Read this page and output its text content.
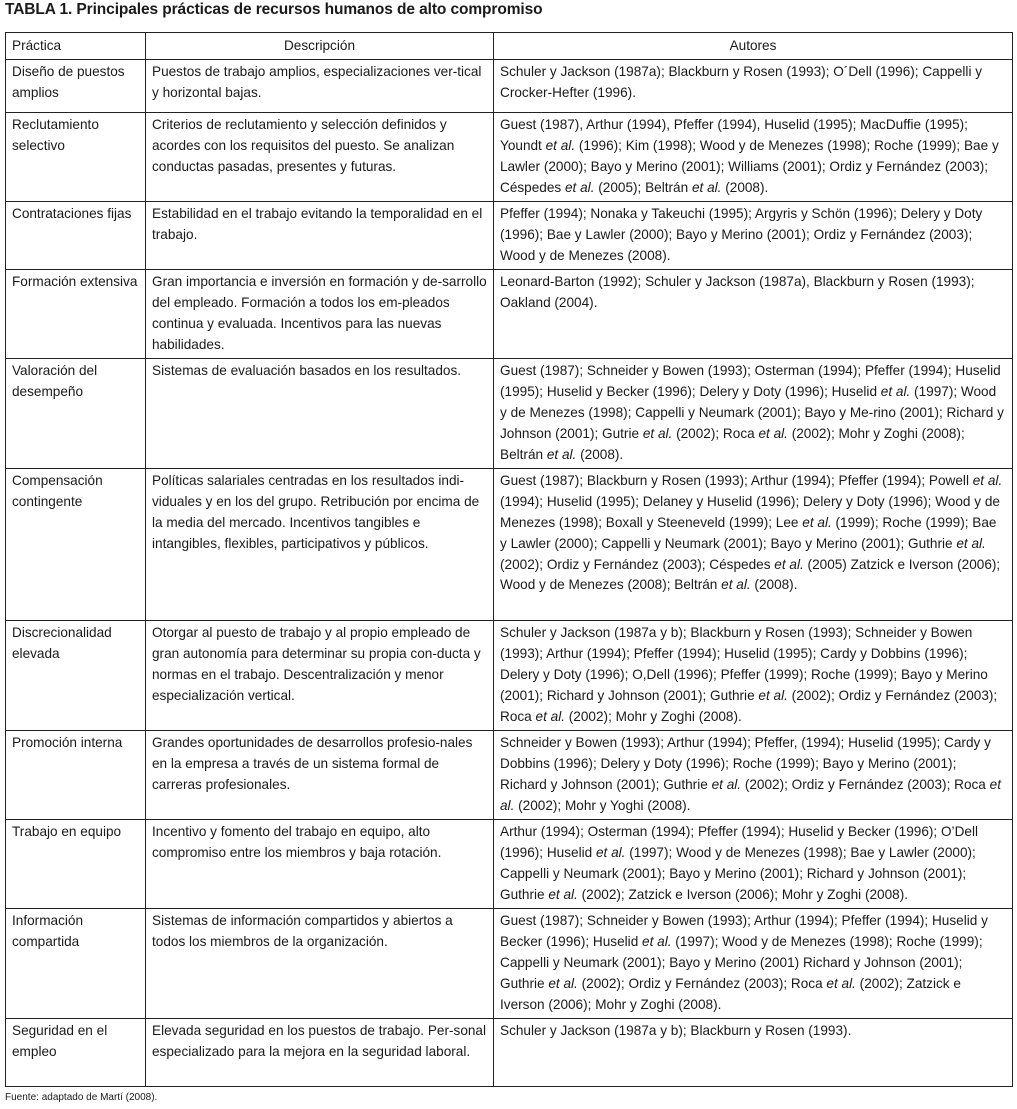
TABLA 1. Principales prácticas de recursos humanos de alto compromiso
Práctica	Descripción	Autores
Diseño de puestos amplios	Puestos de trabajo amplios, especializaciones ver-tical y horizontal bajas.	Schuler y Jackson (1987a); Blackburn y Rosen (1993); O´Dell (1996); Cappelli y Crocker-Hefter (1996).
Reclutamiento selectivo	Criterios de reclutamiento y selección definidos y acordes con los requisitos del puesto. Se analizan conductas pasadas, presentes y futuras.	Guest (1987), Arthur (1994), Pfeffer (1994), Huselid (1995); MacDuffie (1995); Youndt et al. (1996); Kim (1998); Wood y de Menezes (1998); Roche (1999); Bae y Lawler (2000); Bayo y Merino (2001); Williams (2001); Ordiz y Fernández (2003); Céspedes et al. (2005); Beltrán et al. (2008).
Contrataciones fijas	Estabilidad en el trabajo evitando la temporalidad en el trabajo.	Pfeffer (1994); Nonaka y Takeuchi (1995); Argyris y Schön (1996); Delery y Doty (1996); Bae y Lawler (2000); Bayo y Merino (2001); Ordiz y Fernández (2003); Wood y de Menezes (2008).
Formación extensiva	Gran importancia e inversión en formación y de-sarrollo del empleado. Formación a todos los em-pleados continua y evaluada. Incentivos para las nuevas habilidades.	Leonard-Barton (1992); Schuler y Jackson (1987a), Blackburn y Rosen (1993); Oakland (2004).
Valoración del desempeño	Sistemas de evaluación basados en los resultados.	Guest (1987); Schneider y Bowen (1993); Osterman (1994); Pfeffer (1994); Huselid (1995); Huselid y Becker (1996); Delery y Doty (1996); Huselid et al. (1997); Wood y de Menezes (1998); Cappelli y Neumark (2001); Bayo y Me-rino (2001); Richard y Johnson (2001); Gutrie et al. (2002); Roca et al. (2002); Mohr y Zoghi (2008); Beltrán et al. (2008).
Compensación contingente	Políticas salariales centradas en los resultados indi-viduales y en los del grupo. Retribución por encima de la media del mercado. Incentivos tangibles e intangibles, flexibles, participativos y públicos.	Guest (1987); Blackburn y Rosen (1993); Arthur (1994); Pfeffer (1994); Powell et al. (1994); Huselid (1995); Delaney y Huselid (1996); Delery y Doty (1996); Wood y de Menezes (1998); Boxall y Steeneveld (1999); Lee et al. (1999); Roche (1999); Bae y Lawler (2000); Cappelli y Neumark (2001); Bayo y Merino (2001); Guthrie et al. (2002); Ordiz y Fernández (2003); Céspedes et al. (2005) Zatzick e Iverson (2006); Wood y de Menezes (2008); Beltrán et al. (2008).
Discrecionalidad elevada	Otorgar al puesto de trabajo y al propio empleado de gran autonomía para determinar su propia con-ducta y normas en el trabajo. Descentralización y menor especialización vertical.	Schuler y Jackson (1987a y b); Blackburn y Rosen (1993); Schneider y Bowen (1993); Arthur (1994); Pfeffer (1994); Huselid (1995); Cardy y Dobbins (1996); Delery y Doty (1996); O,Dell (1996); Pfeffer (1999); Roche (1999); Bayo y Merino (2001); Richard y Johnson (2001); Guthrie et al. (2002); Ordiz y Fernández (2003); Roca et al. (2002); Mohr y Zoghi (2008).
Promoción interna	Grandes oportunidades de desarrollos profesio-nales en la empresa a través de un sistema formal de carreras profesionales.	Schneider y Bowen (1993); Arthur (1994); Pfeffer, (1994); Huselid (1995); Cardy y Dobbins (1996); Delery y Doty (1996); Roche (1999); Bayo y Merino (2001); Richard y Johnson (2001); Guthrie et al. (2002); Ordiz y Fernández (2003); Roca et al. (2002); Mohr y Yoghi (2008).
Trabajo en equipo	Incentivo y fomento del trabajo en equipo, alto compromiso entre los miembros y baja rotación.	Arthur (1994); Osterman (1994); Pfeffer (1994); Huselid y Becker (1996); O’Dell (1996); Huselid et al. (1997); Wood y de Menezes (1998); Bae y Lawler (2000); Cappelli y Neumark (2001); Bayo y Merino (2001); Richard y Johnson (2001); Guthrie et al. (2002); Zatzick e Iverson (2006); Mohr y Zoghi (2008).
Información compartida	Sistemas de información compartidos y abiertos a todos los miembros de la organización.	Guest (1987); Schneider y Bowen (1993); Arthur (1994); Pfeffer (1994); Huselid y Becker (1996); Huselid et al. (1997); Wood y de Menezes (1998); Roche (1999); Cappelli y Neumark (2001); Bayo y Merino (2001) Richard y Johnson (2001); Guthrie et al. (2002); Ordiz y Fernández (2003); Roca et al. (2002); Zatzick e Iverson (2006); Mohr y Zoghi (2008).
Seguridad en el empleo	Elevada seguridad en los puestos de trabajo. Per-sonal especializado para la mejora en la seguridad laboral.	Schuler y Jackson (1987a y b); Blackburn y Rosen (1993).
Fuente: adaptado de Martí (2008).
